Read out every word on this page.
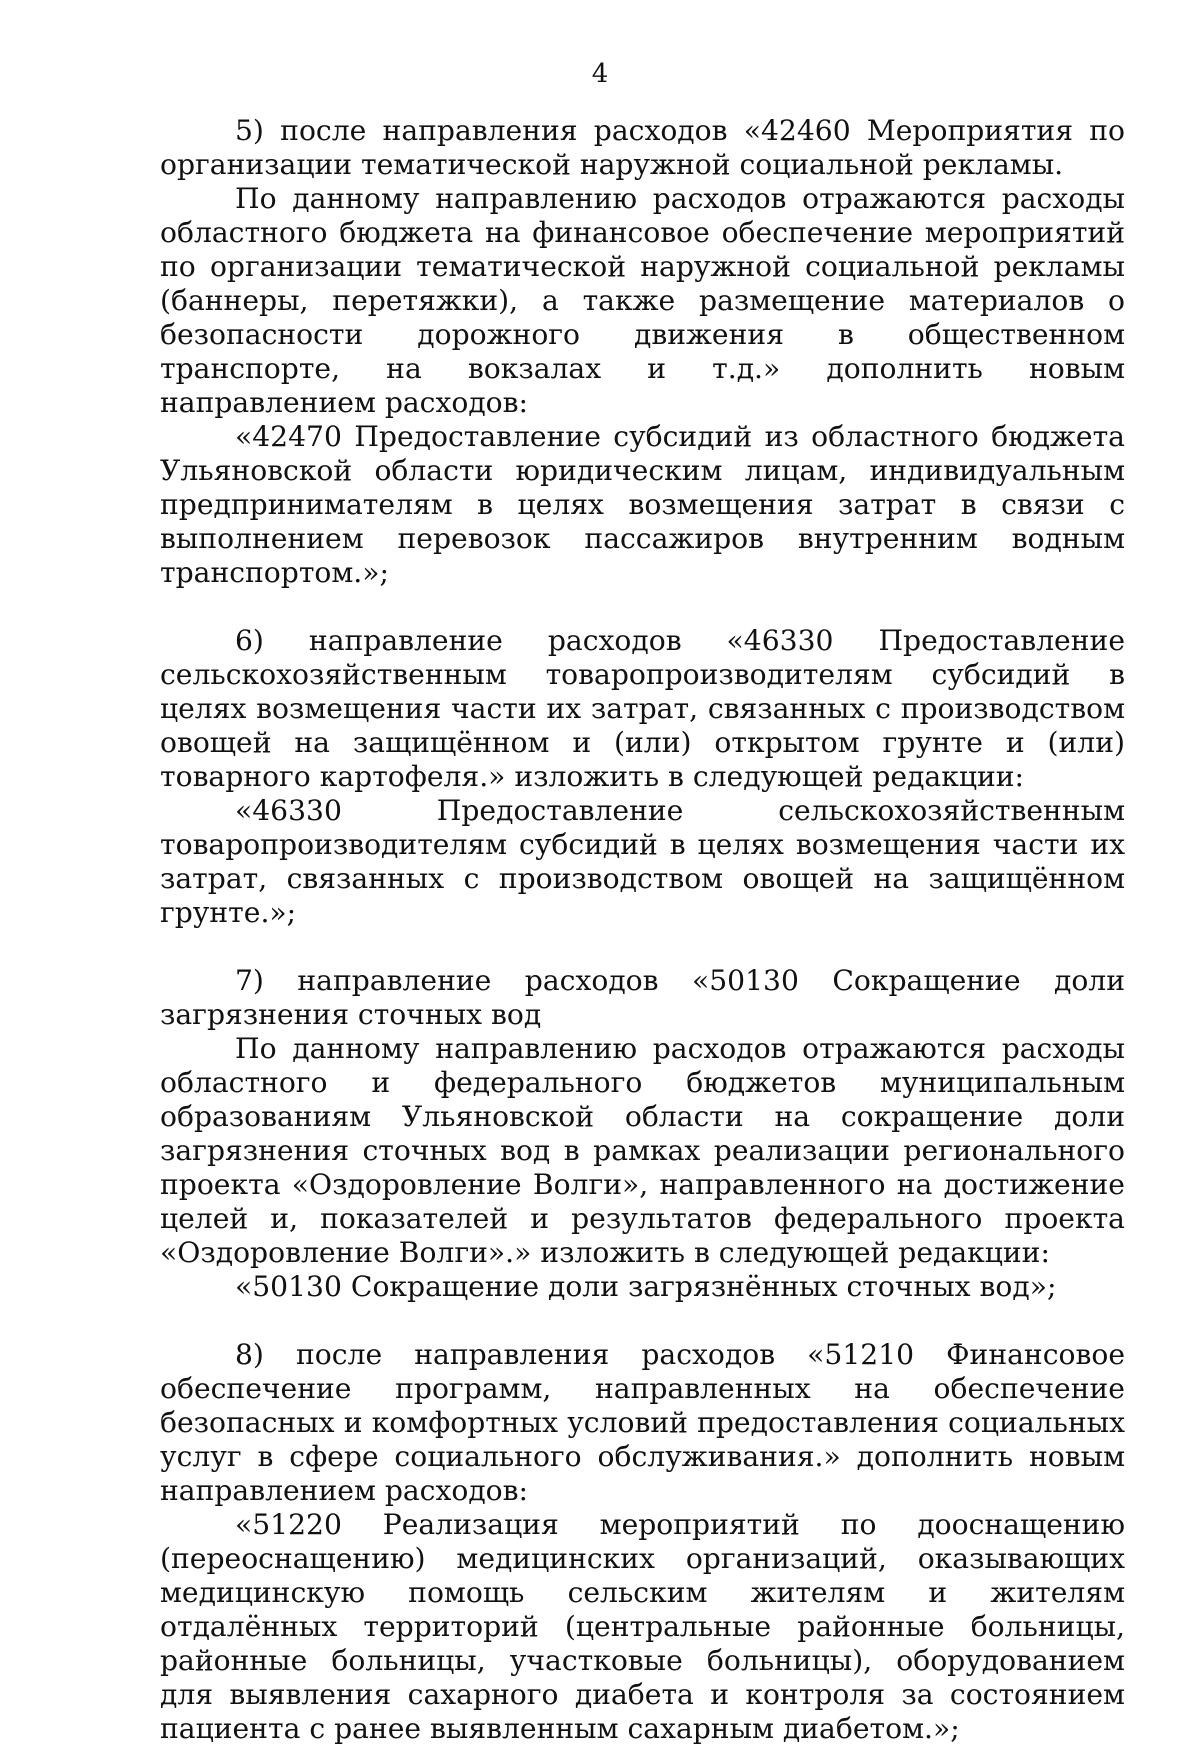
4

5) после направления расходов «42460 Мероприятия по организации тематической наружной социальной рекламы.

По данному направлению расходов отражаются расходы областного бюджета на финансовое обеспечение мероприятий по организации тематической наружной социальной рекламы (баннеры, перетяжки), а также размещение материалов о безопасности дорожного движения в общественном транспорте, на вокзалах и т.д.» дополнить новым направлением расходов:

«42470 Предоставление субсидий из областного бюджета Ульяновской области юридическим лицам, индивидуальным предпринимателям в целях возмещения затрат в связи с выполнением перевозок пассажиров внутренним водным транспортом.»;

6) направление расходов «46330 Предоставление сельскохозяйственным товаропроизводителям субсидий в целях возмещения части их затрат, связанных с производством овощей на защищённом и (или) открытом грунте и (или) товарного картофеля.» изложить в следующей редакции:

«46330 Предоставление сельскохозяйственным товаропроизводителям субсидий в целях возмещения части их затрат, связанных с производством овощей на защищённом грунте.»;

7) направление расходов «50130 Сокращение доли загрязнения сточных вод

По данному направлению расходов отражаются расходы областного и федерального бюджетов муниципальным образованиям Ульяновской области на сокращение доли загрязнения сточных вод в рамках реализации регионального проекта «Оздоровление Волги», направленного на достижение целей и, показателей и результатов федерального проекта «Оздоровление Волги».» изложить в следующей редакции:

«50130 Сокращение доли загрязнённых сточных вод»;

8) после направления расходов «51210 Финансовое обеспечение программ, направленных на обеспечение безопасных и комфортных условий предоставления социальных услуг в сфере социального обслуживания.» дополнить новым направлением расходов:

«51220 Реализация мероприятий по дооснащению (переоснащению) медицинских организаций, оказывающих медицинскую помощь сельским жителям и жителям отдалённых территорий (центральные районные больницы, районные больницы, участковые больницы), оборудованием для выявления сахарного диабета и контроля за состоянием пациента с ранее выявленным сахарным диабетом.»;
